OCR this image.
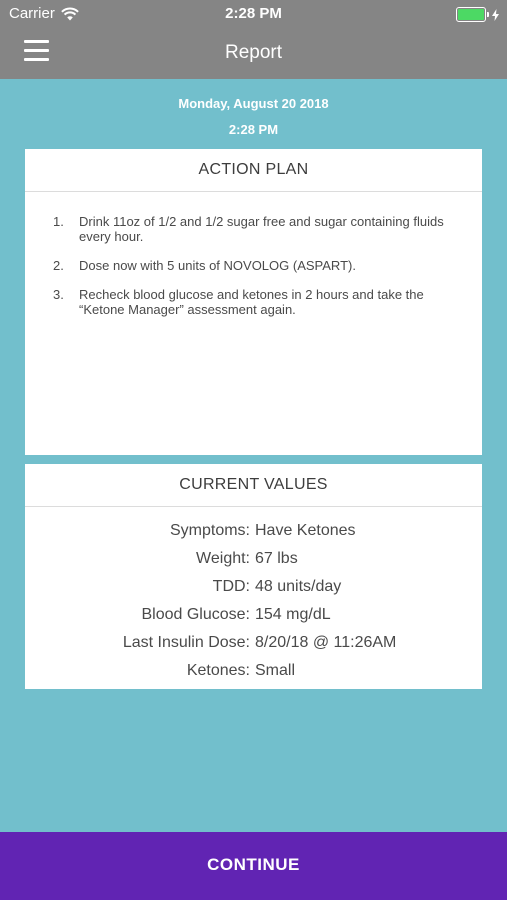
Carrier	2:28 PM
Report
Monday, August 20 2018
2:28 PM
ACTION PLAN
1.	Drink 11oz of 1/2 and 1/2 sugar free and sugar containing fluids every hour.
2.	Dose now with 5 units of NOVOLOG (ASPART).
3.	Recheck blood glucose and ketones in 2 hours and take the “Ketone Manager” assessment again.
CURRENT VALUES
Symptoms: Have Ketones
Weight: 67 lbs
TDD: 48 units/day
Blood Glucose: 154 mg/dL
Last Insulin Dose: 8/20/18 @ 11:26AM
Ketones: Small
CONTINUE
